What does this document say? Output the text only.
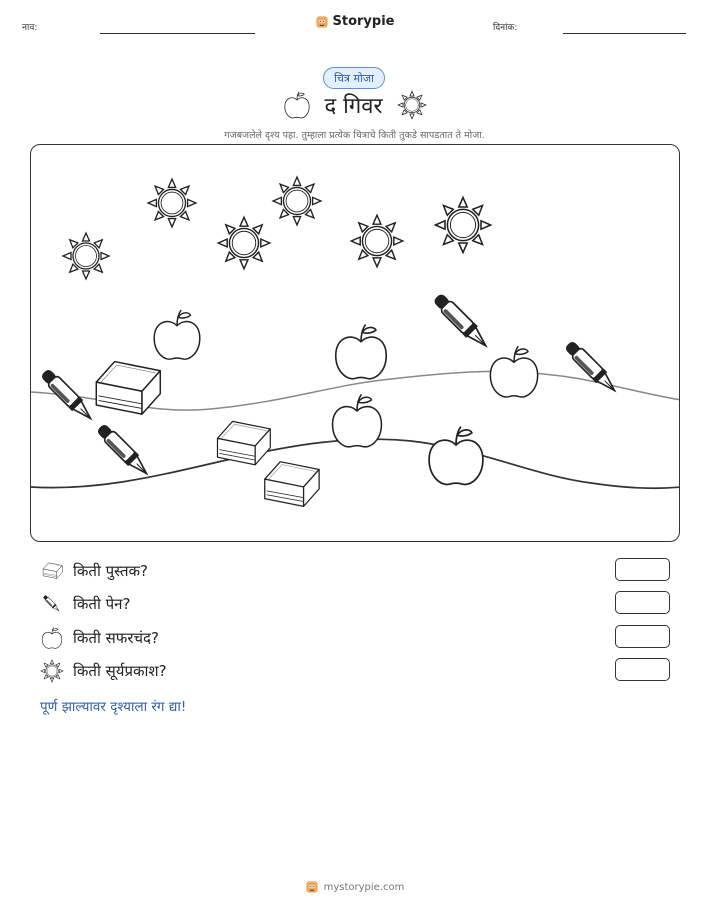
नाव:	Storypie	दिनांक:
चित्र मोजा
द गिवर
गजबजलेले दृश्य पहा. तुम्हाला प्रत्येक चित्राचे किती तुकडे सापडतात ते मोजा.
किती पुस्तक?
किती पेन?
किती सफरचंद?
किती सूर्यप्रकाश?
पूर्ण झाल्यावर दृश्याला रंग द्या!
mystorypie.com
